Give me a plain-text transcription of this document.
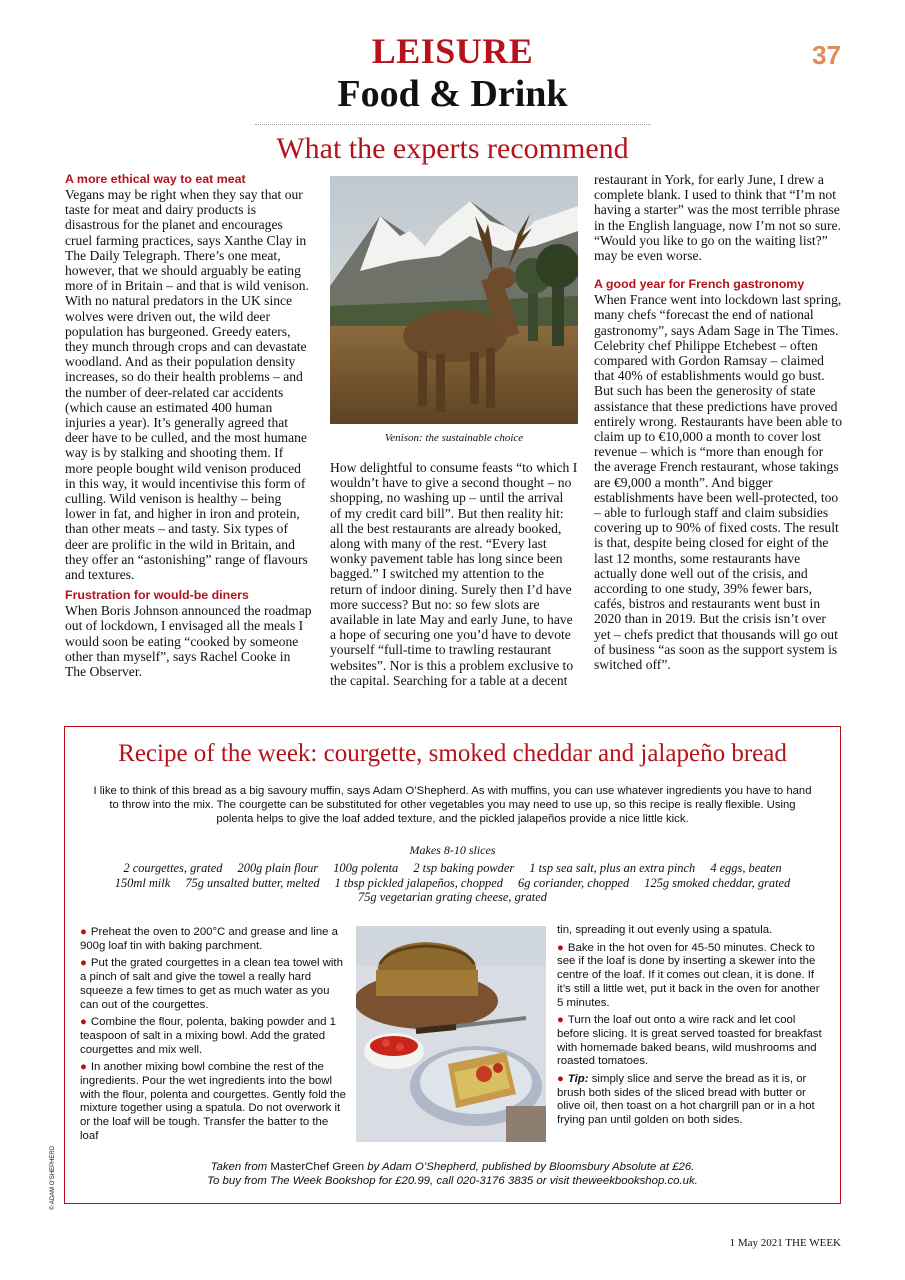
LEISURE	37
Food & Drink
What the experts recommend
A more ethical way to eat meat

Vegans may be right when they say that our taste for meat and dairy products is disastrous for the planet and encourages cruel farming practices, says Xanthe Clay in The Daily Telegraph. There’s one meat, however, that we should arguably be eating more of in Britain – and that is wild venison. With no natural predators in the UK since wolves were driven out, the wild deer population has burgeoned. Greedy eaters, they munch through crops and can devastate woodland. And as their population density increases, so do their health problems – and the number of deer-related car accidents (which cause an estimated 400 human injuries a year). It’s generally agreed that deer have to be culled, and the most humane way is by stalking and shooting them. If more people bought wild venison produced in this way, it would incentivise this form of culling. Wild venison is healthy – being lower in fat, and higher in iron and protein, than other meats – and tasty. Six types of deer are prolific in the wild in Britain, and they offer an “astonishing” range of flavours and textures.

Frustration for would-be diners

When Boris Johnson announced the roadmap out of lockdown, I envisaged all the meals I would soon be eating “cooked by someone other than myself”, says Rachel Cooke in The Observer.

Venison: the sustainable choice

How delightful to consume feasts “to which I wouldn’t have to give a second thought – no shopping, no washing up – until the arrival of my credit card bill”. But then reality hit: all the best restaurants are already booked, along with many of the rest. “Every last wonky pavement table has long since been bagged.” I switched my attention to the return of indoor dining. Surely then I’d have more success? But no: so few slots are available in late May and early June, to have a hope of securing one you’d have to devote yourself “full-time to trawling restaurant websites”. Nor is this a problem exclusive to the capital. Searching for a table at a decent

restaurant in York, for early June, I drew a complete blank. I used to think that “I’m not having a starter” was the most terrible phrase in the English language, now I’m not so sure. “Would you like to go on the waiting list?” may be even worse.

A good year for French gastronomy

When France went into lockdown last spring, many chefs “forecast the end of national gastronomy”, says Adam Sage in The Times. Celebrity chef Philippe Etchebest – often compared with Gordon Ramsay – claimed that 40% of establishments would go bust. But such has been the generosity of state assistance that these predictions have proved entirely wrong. Restaurants have been able to claim up to €10,000 a month to cover lost revenue – which is “more than enough for the average French restaurant, whose takings are €9,000 a month”. And bigger establishments have been well-protected, too – able to furlough staff and claim subsidies covering up to 90% of fixed costs. The result is that, despite being closed for eight of the last 12 months, some restaurants have actually done well out of the crisis, and according to one study, 39% fewer bars, cafés, bistros and restaurants went bust in 2020 than in 2019. But the crisis isn’t over yet – chefs predict that thousands will go out of business “as soon as the support system is switched off”.

Recipe of the week: courgette, smoked cheddar and jalapeño bread
I like to think of this bread as a big savoury muffin, says Adam O’Shepherd. As with muffins, you can use whatever ingredients you have to hand to throw into the mix. The courgette can be substituted for other vegetables you may need to use up, so this recipe is really flexible. Using polenta helps to give the loaf added texture, and the pickled jalapeños provide a nice little kick.
Makes 8-10 slices
2 courgettes, grated 200g plain flour 100g polenta 2 tsp baking powder 1 tsp sea salt, plus an extra pinch 4 eggs, beaten
150ml milk 75g unsalted butter, melted 1 tbsp pickled jalapeños, chopped 6g coriander, chopped 125g smoked cheddar, grated
75g vegetarian grating cheese, grated
● Preheat the oven to 200°C and grease and line a 900g loaf tin with baking parchment.
● Put the grated courgettes in a clean tea towel with a pinch of salt and give the towel a really hard squeeze a few times to get as much water as you can out of the courgettes.
● Combine the flour, polenta, baking powder and 1 teaspoon of salt in a mixing bowl. Add the grated courgettes and mix well.
● In another mixing bowl combine the rest of the ingredients. Pour the wet ingredients into the bowl with the flour, polenta and courgettes. Gently fold the mixture together using a spatula. Do not overwork it or the loaf will be tough. Transfer the batter to the loaf
tin, spreading it out evenly using a spatula.
● Bake in the hot oven for 45-50 minutes. Check to see if the loaf is done by inserting a skewer into the centre of the loaf. If it comes out clean, it is done. If it’s still a little wet, put it back in the oven for another 5 minutes.
● Turn the loaf out onto a wire rack and let cool before slicing. It is great served toasted for breakfast with homemade baked beans, wild mushrooms and roasted tomatoes.
● Tip: simply slice and serve the bread as it is, or brush both sides of the sliced bread with butter or olive oil, then toast on a hot chargrill pan or in a hot frying pan until golden on both sides.
Taken from MasterChef Green by Adam O’Shepherd, published by Bloomsbury Absolute at £26.
To buy from The Week Bookshop for £20.99, call 020-3176 3835 or visit theweekbookshop.co.uk.
© ADAM O’SHEPHERD
1 May 2021 THE WEEK
